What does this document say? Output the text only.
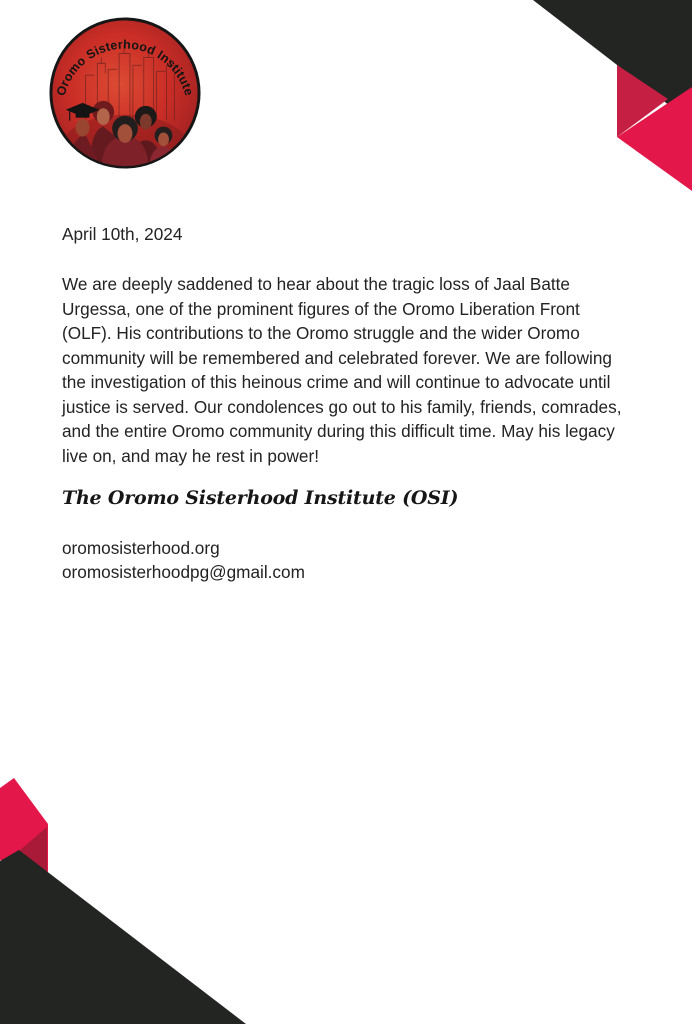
Oromo Sisterhood Institute
April 10th, 2024
We are deeply saddened to hear about the tragic loss of Jaal Batte
Urgessa, one of the prominent figures of the Oromo Liberation Front
(OLF). His contributions to the Oromo struggle and the wider Oromo
community will be remembered and celebrated forever. We are following
the investigation of this heinous crime and will continue to advocate until
justice is served. Our condolences go out to his family, friends, comrades,
and the entire Oromo community during this difficult time. May his legacy
live on, and may he rest in power!
The Oromo Sisterhood Institute (OSI)
oromosisterhood.org
oromosisterhoodpg@gmail.com
